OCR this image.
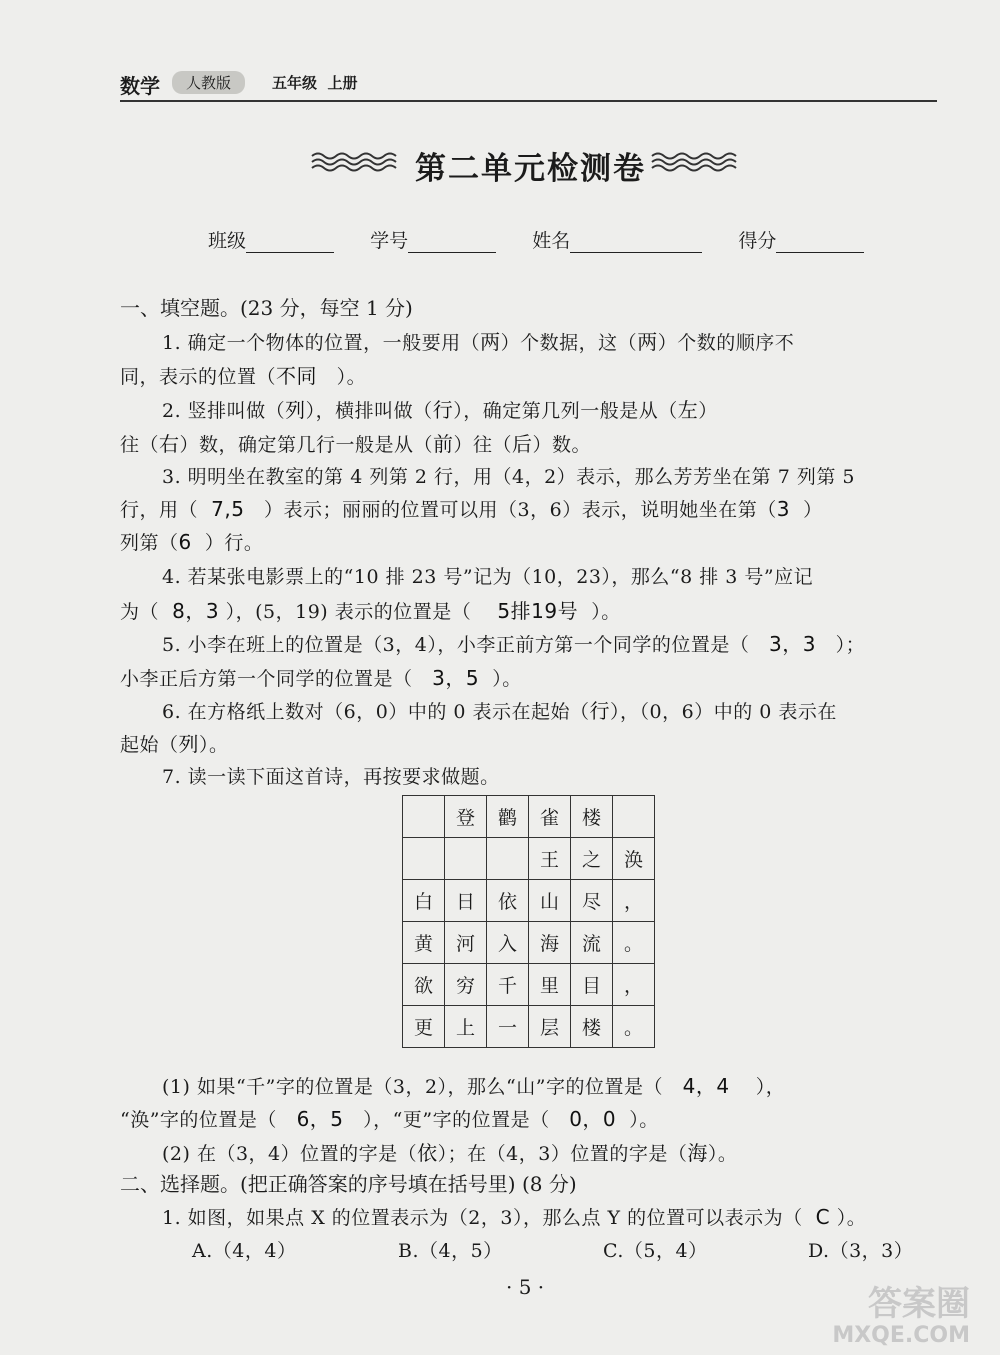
数学	人教版	五年级 上册
第二单元检测卷
班级	学号	姓名	得分
一、填空题。(23 分，每空 1 分)
1. 确定一个物体的位置，一般要用（两）个数据，这（两）个数的顺序不
同，表示的位置（不同 ）。
2. 竖排叫做（列），横排叫做（行），确定第几列一般是从（左）
往（右）数，确定第几行一般是从（前）往（后）数。
3. 明明坐在教室的第 4 列第 2 行，用（4，2）表示，那么芳芳坐在第 7 列第 5
行，用（ 7,5 ）表示；丽丽的位置可以用（3，6）表示，说明她坐在第（3 ）
列第（6 ）行。
4. 若某张电影票上的“10 排 23 号”记为（10，23），那么“8 排 3 号”应记
为（ 8，3 ），(5，19) 表示的位置是（ 5排19号 ）。
5. 小李在班上的位置是（3，4），小李正前方第一个同学的位置是（ 3，3 ）；
小李正后方第一个同学的位置是（ 3，5 ）。
6. 在方格纸上数对（6，0）中的 0 表示在起始（行），（0，6）中的 0 表示在
起始（列）。
7. 读一读下面这首诗，再按要求做题。
	登	鹳	雀	楼	
			王	之	涣
白	日	依	山	尽	，
黄	河	入	海	流	。
欲	穷	千	里	目	，
更	上	一	层	楼	。
(1) 如果“千”字的位置是（3，2），那么“山”字的位置是（ 4，4 ），
“涣”字的位置是（ 6，5 ），“更”字的位置是（ 0，0 ）。
(2) 在（3，4）位置的字是（依）；在（4，3）位置的字是（海）。
二、选择题。(把正确答案的序号填在括号里) (8 分)
1. 如图，如果点 X 的位置表示为（2，3），那么点 Y 的位置可以表示为（ C ）。
A.（4，4）	B.（4，5）	C.（5，4）	D.（3，3）
· 5 ·	答案圈
MXQE.COM
